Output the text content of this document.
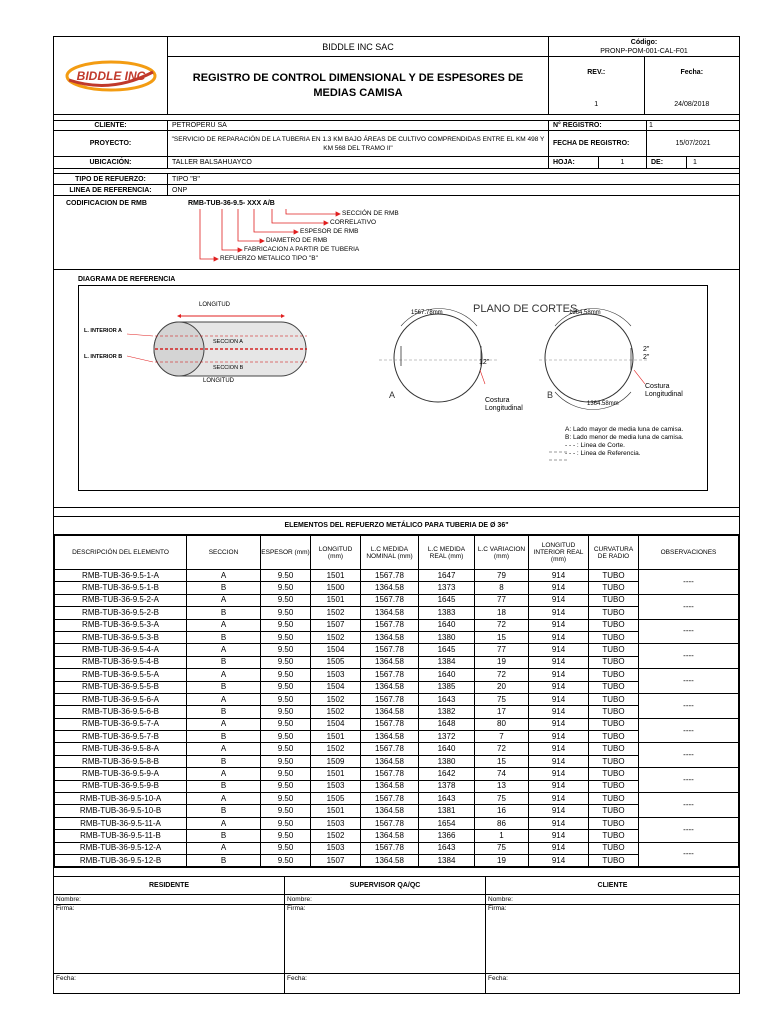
BIDDLE INC
BIDDLE INC SAC
REGISTRO DE CONTROL DIMENSIONAL Y DE ESPESORES DE MEDIAS CAMISA
Código:
PRONP-POM-001-CAL-F01
REV.:
1
Fecha:
24/08/2018
CLIENTE:	PETROPERU SA	N° REGISTRO:	1
PROYECTO:
"SERVICIO DE REPARACIÓN DE LA TUBERIA EN 1.3 KM BAJO ÁREAS DE CULTIVO COMPRENDIDAS ENTRE EL KM 498 Y KM 568 DEL TRAMO II"
FECHA DE REGISTRO:	15/07/2021
UBICACIÓN:	TALLER BALSAHUAYCO	HOJA:	1	DE:	1
TIPO DE REFUERZO:	TIPO "B"
LINEA DE REFERENCIA:	ONP
CODIFICACION DE RMB	RMB-TUB-36-9.5- XXX A/B
SECCIÓN DE RMB
CORRELATIVO
ESPESOR DE RMB
DIAMETRO DE RMB
FABRICACION A PARTIR DE TUBERIA
REFUERZO METALICO TIPO "B"
DIAGRAMA DE REFERENCIA
LONGITUD
LONGITUD
L. INTERIOR A
L. INTERIOR B
SECCION A
SECCION B
PLANO DE CORTES
1567.78mm	1364.58mm
1364.58mm
12"
2"
2"
A	B
Costura
Longitudinal
Costura
Longitudinal
A: Lado mayor de media luna de camisa.
B: Lado menor de media luna de camisa.
- - - : Linea de Corte.
- - - : Linea de Referencia.
ELEMENTOS DEL REFUERZO METÁLICO PARA TUBERIA DE Ø 36"
DESCRIPCIÓN DEL ELEMENTO	SECCION	ESPESOR (mm)	LONGITUD (mm)	L.C MEDIDA NOMINAL (mm)	L.C MEDIDA REAL (mm)	L.C VARIACION (mm)	LONGITUD INTERIOR REAL (mm)	CURVATURA DE RADIO	OBSERVACIONES
RMB-TUB-36-9.5-1-A	A	9.50	1501	1567.78	1647	79	914	TUBO	----
RMB-TUB-36-9.5-1-B	B	9.50	1500	1364.58	1373	8	914	TUBO	
RMB-TUB-36-9.5-2-A	A	9.50	1501	1567.78	1645	77	914	TUBO	----
RMB-TUB-36-9.5-2-B	B	9.50	1502	1364.58	1383	18	914	TUBO	
RMB-TUB-36-9.5-3-A	A	9.50	1507	1567.78	1640	72	914	TUBO	----
RMB-TUB-36-9.5-3-B	B	9.50	1502	1364.58	1380	15	914	TUBO	
RMB-TUB-36-9.5-4-A	A	9.50	1504	1567.78	1645	77	914	TUBO	----
RMB-TUB-36-9.5-4-B	B	9.50	1505	1364.58	1384	19	914	TUBO	
RMB-TUB-36-9.5-5-A	A	9.50	1503	1567.78	1640	72	914	TUBO	----
RMB-TUB-36-9.5-5-B	B	9.50	1504	1364.58	1385	20	914	TUBO	
RMB-TUB-36-9.5-6-A	A	9.50	1502	1567.78	1643	75	914	TUBO	----
RMB-TUB-36-9.5-6-B	B	9.50	1502	1364.58	1382	17	914	TUBO	
RMB-TUB-36-9.5-7-A	A	9.50	1504	1567.78	1648	80	914	TUBO	----
RMB-TUB-36-9.5-7-B	B	9.50	1501	1364.58	1372	7	914	TUBO	
RMB-TUB-36-9.5-8-A	A	9.50	1502	1567.78	1640	72	914	TUBO	----
RMB-TUB-36-9.5-8-B	B	9.50	1509	1364.58	1380	15	914	TUBO	
RMB-TUB-36-9.5-9-A	A	9.50	1501	1567.78	1642	74	914	TUBO	----
RMB-TUB-36-9.5-9-B	B	9.50	1503	1364.58	1378	13	914	TUBO	
RMB-TUB-36-9.5-10-A	A	9.50	1505	1567.78	1643	75	914	TUBO	----
RMB-TUB-36-9.5-10-B	B	9.50	1501	1364.58	1381	16	914	TUBO	
RMB-TUB-36-9.5-11-A	A	9.50	1503	1567.78	1654	86	914	TUBO	----
RMB-TUB-36-9.5-11-B	B	9.50	1502	1364.58	1366	1	914	TUBO	
RMB-TUB-36-9.5-12-A	A	9.50	1503	1567.78	1643	75	914	TUBO	----
RMB-TUB-36-9.5-12-B	B	9.50	1507	1364.58	1384	19	914	TUBO	
RESIDENTE
Nombre:
Firma:
Fecha:
SUPERVISOR QA/QC
Nombre:
Firma:
Fecha:
CLIENTE
Nombre:
Firma:
Fecha:
